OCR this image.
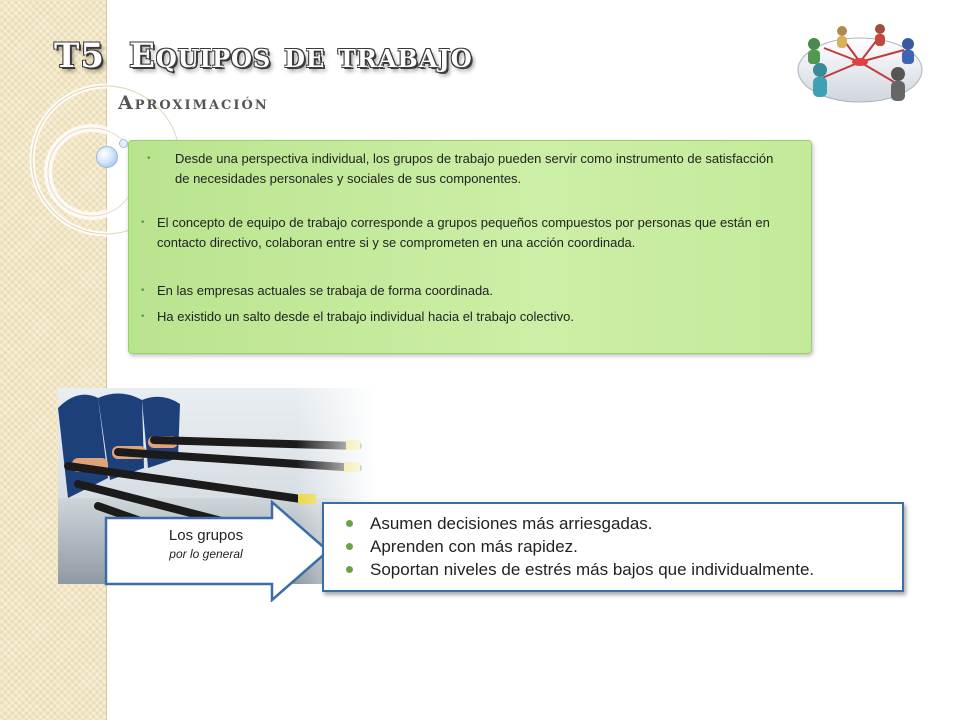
T5 Equipos de trabajo
Aproximación
• Desde una perspectiva individual, los grupos de trabajo pueden servir como instrumento de satisfacción de necesidades personales y sociales de sus componentes.
• El concepto de equipo de trabajo corresponde a grupos pequeños compuestos por personas que están en contacto directivo, colaboran entre si y se comprometen en una acción coordinada.
• En las empresas actuales se trabaja de forma coordinada.
• Ha existido un salto desde el trabajo individual hacia el trabajo colectivo.
Los grupos
por lo general
Asumen decisiones más arriesgadas.
Aprenden con más rapidez.
Soportan niveles de estrés más bajos que individualmente.
